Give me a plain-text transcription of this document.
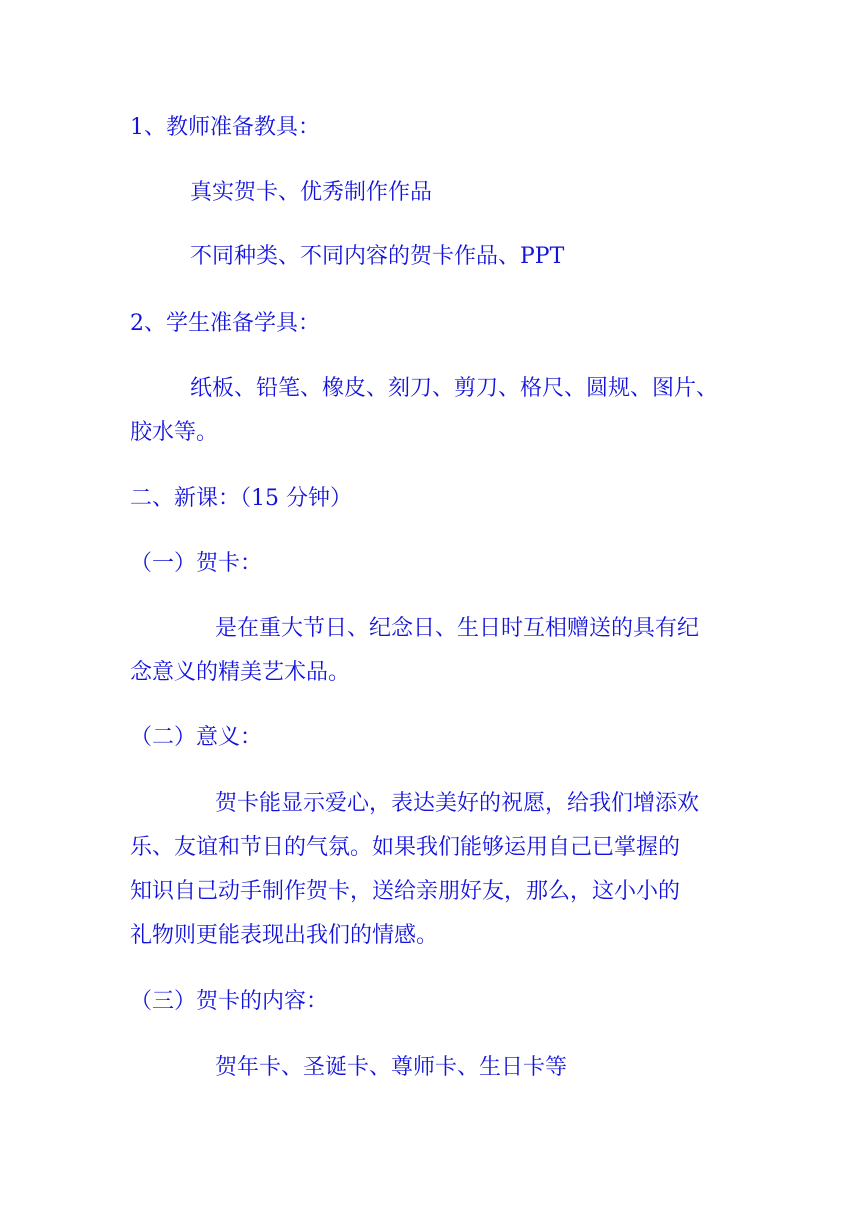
1、教师准备教具：

真实贺卡、优秀制作作品

不同种类、不同内容的贺卡作品、PPT

2、学生准备学具：

纸板、铅笔、橡皮、刻刀、剪刀、格尺、圆规、图片、

胶水等。

二、新课：（15 分钟）

（一）贺卡：

是在重大节日、纪念日、生日时互相赠送的具有纪

念意义的精美艺术品。

（二）意义：

贺卡能显示爱心，表达美好的祝愿，给我们增添欢

乐、友谊和节日的气氛。如果我们能够运用自己已掌握的

知识自己动手制作贺卡，送给亲朋好友，那么，这小小的

礼物则更能表现出我们的情感。

（三）贺卡的内容：

贺年卡、圣诞卡、尊师卡、生日卡等
